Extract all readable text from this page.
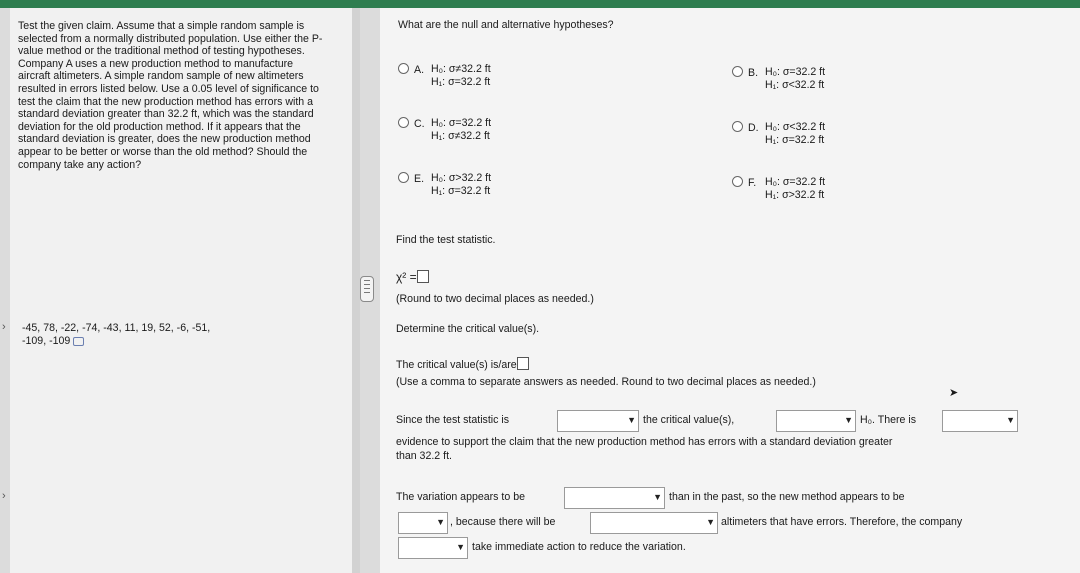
Test the given claim. Assume that a simple random sample is selected from a normally distributed population. Use either the P-value method or the traditional method of testing hypotheses.

Company A uses a new production method to manufacture aircraft altimeters. A simple random sample of new altimeters resulted in errors listed below. Use a 0.05 level of significance to test the claim that the new production method has errors with a standard deviation greater than 32.2 ft, which was the standard deviation for the old production method. If it appears that the standard deviation is greater, does the new production method appear to be better or worse than the old method? Should the company take any action?

-45, 78, -22, -74, -43, 11, 19, 52, -6, -51,
-109, -109
›
›
What are the null and alternative hypotheses?
A. H₀: σ≠32.2 ft
H₁: σ=32.2 ft
B. H₀: σ=32.2 ft
H₁: σ<32.2 ft
C. H₀: σ=32.2 ft
H₁: σ≠32.2 ft
D. H₀: σ<32.2 ft
H₁: σ=32.2 ft
E. H₀: σ>32.2 ft
H₁: σ=32.2 ft
F. H₀: σ=32.2 ft
H₁: σ>32.2 ft
Find the test statistic.
χ² =
(Round to two decimal places as needed.)
Determine the critical value(s).
The critical value(s) is/are
(Use a comma to separate answers as needed. Round to two decimal places as needed.)
➤
Since the test statistic is	▼ the critical value(s),	▼ H₀. There is	▼
evidence to support the claim that the new production method has errors with a standard deviation greater
than 32.2 ft.
The variation appears to be	▼ than in the past, so the new method appears to be
▼ , because there will be	▼ altimeters that have errors. Therefore, the company
▼ take immediate action to reduce the variation.
